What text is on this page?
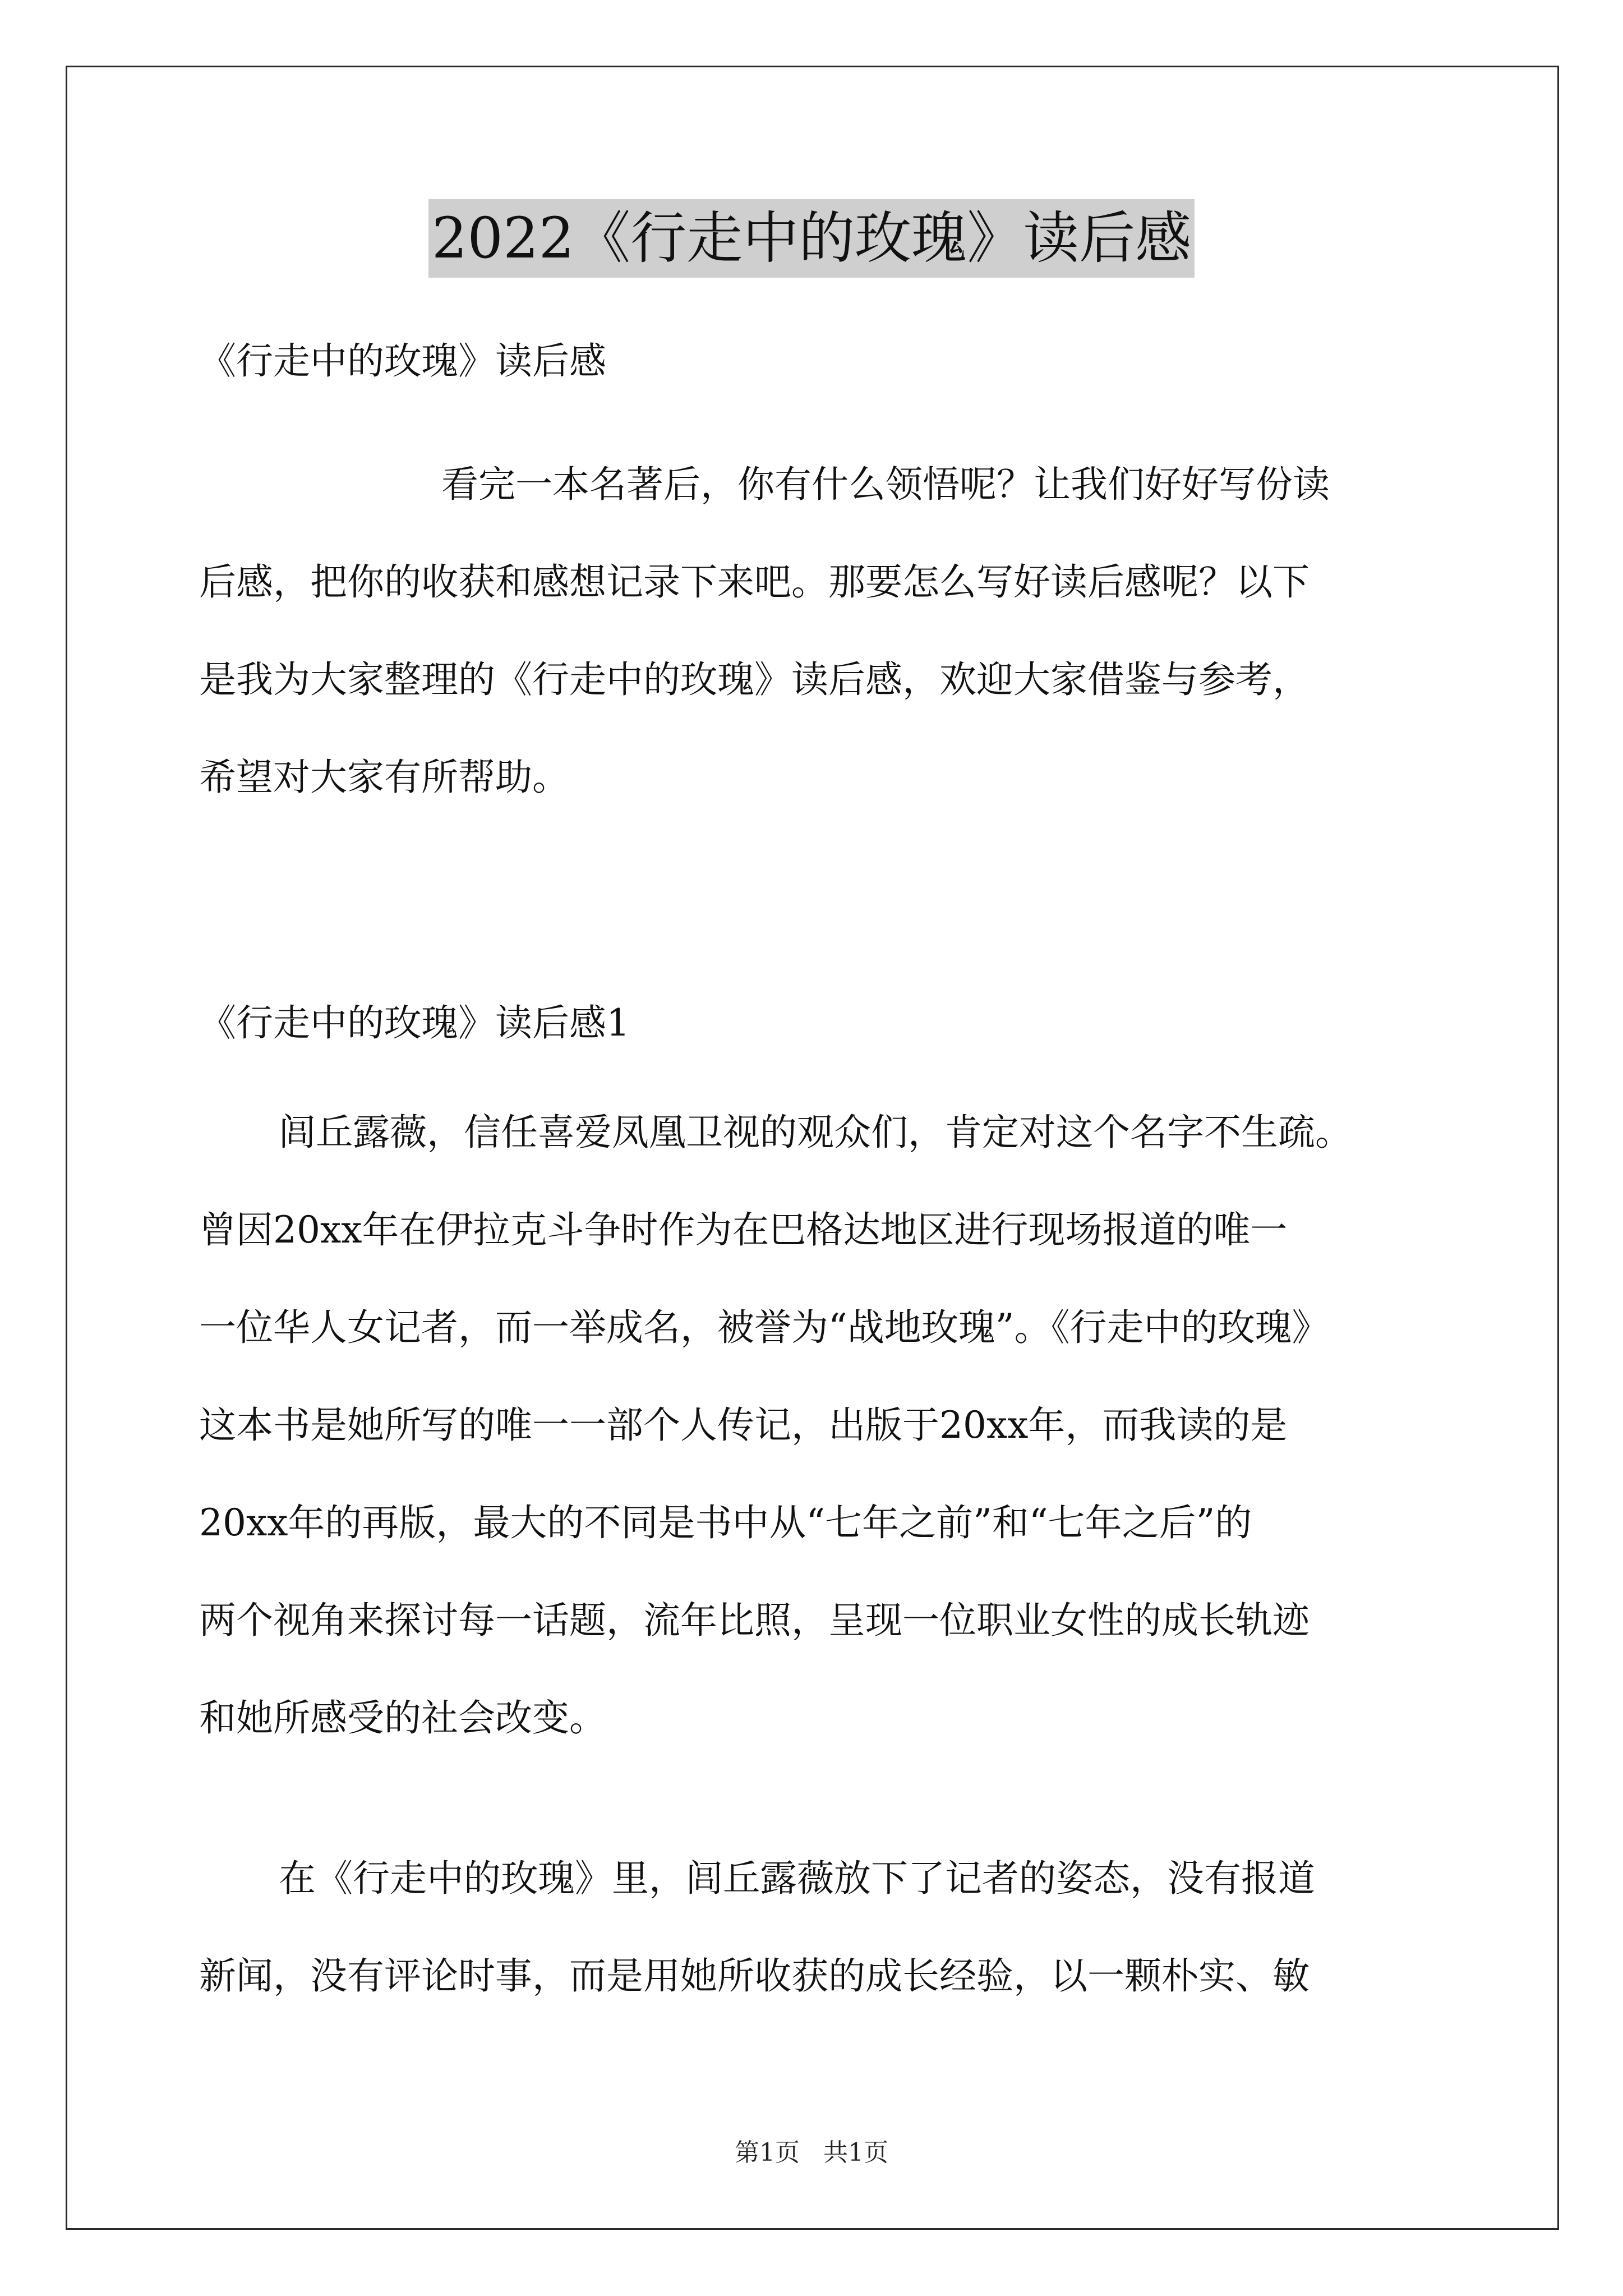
2022《行走中的玫瑰》读后感
《行走中的玫瑰》读后感
看完一本名著后，你有什么领悟呢？让我们好好写份读
后感，把你的收获和感想记录下来吧。那要怎么写好读后感呢？以下
是我为大家整理的《行走中的玫瑰》读后感，欢迎大家借鉴与参考，
希望对大家有所帮助。
《行走中的玫瑰》读后感1
闾丘露薇，信任喜爱凤凰卫视的观众们，肯定对这个名字不生疏。
曾因20xx年在伊拉克斗争时作为在巴格达地区进行现场报道的唯一
一位华人女记者，而一举成名，被誉为“战地玫瑰”。《行走中的玫瑰》
这本书是她所写的唯一一部个人传记，出版于20xx年，而我读的是
20xx年的再版，最大的不同是书中从“七年之前”和“七年之后”的
两个视角来探讨每一话题，流年比照，呈现一位职业女性的成长轨迹
和她所感受的社会改变。
在《行走中的玫瑰》里，闾丘露薇放下了记者的姿态，没有报道
新闻，没有评论时事，而是用她所收获的成长经验，以一颗朴实、敏
第1页 共1页
